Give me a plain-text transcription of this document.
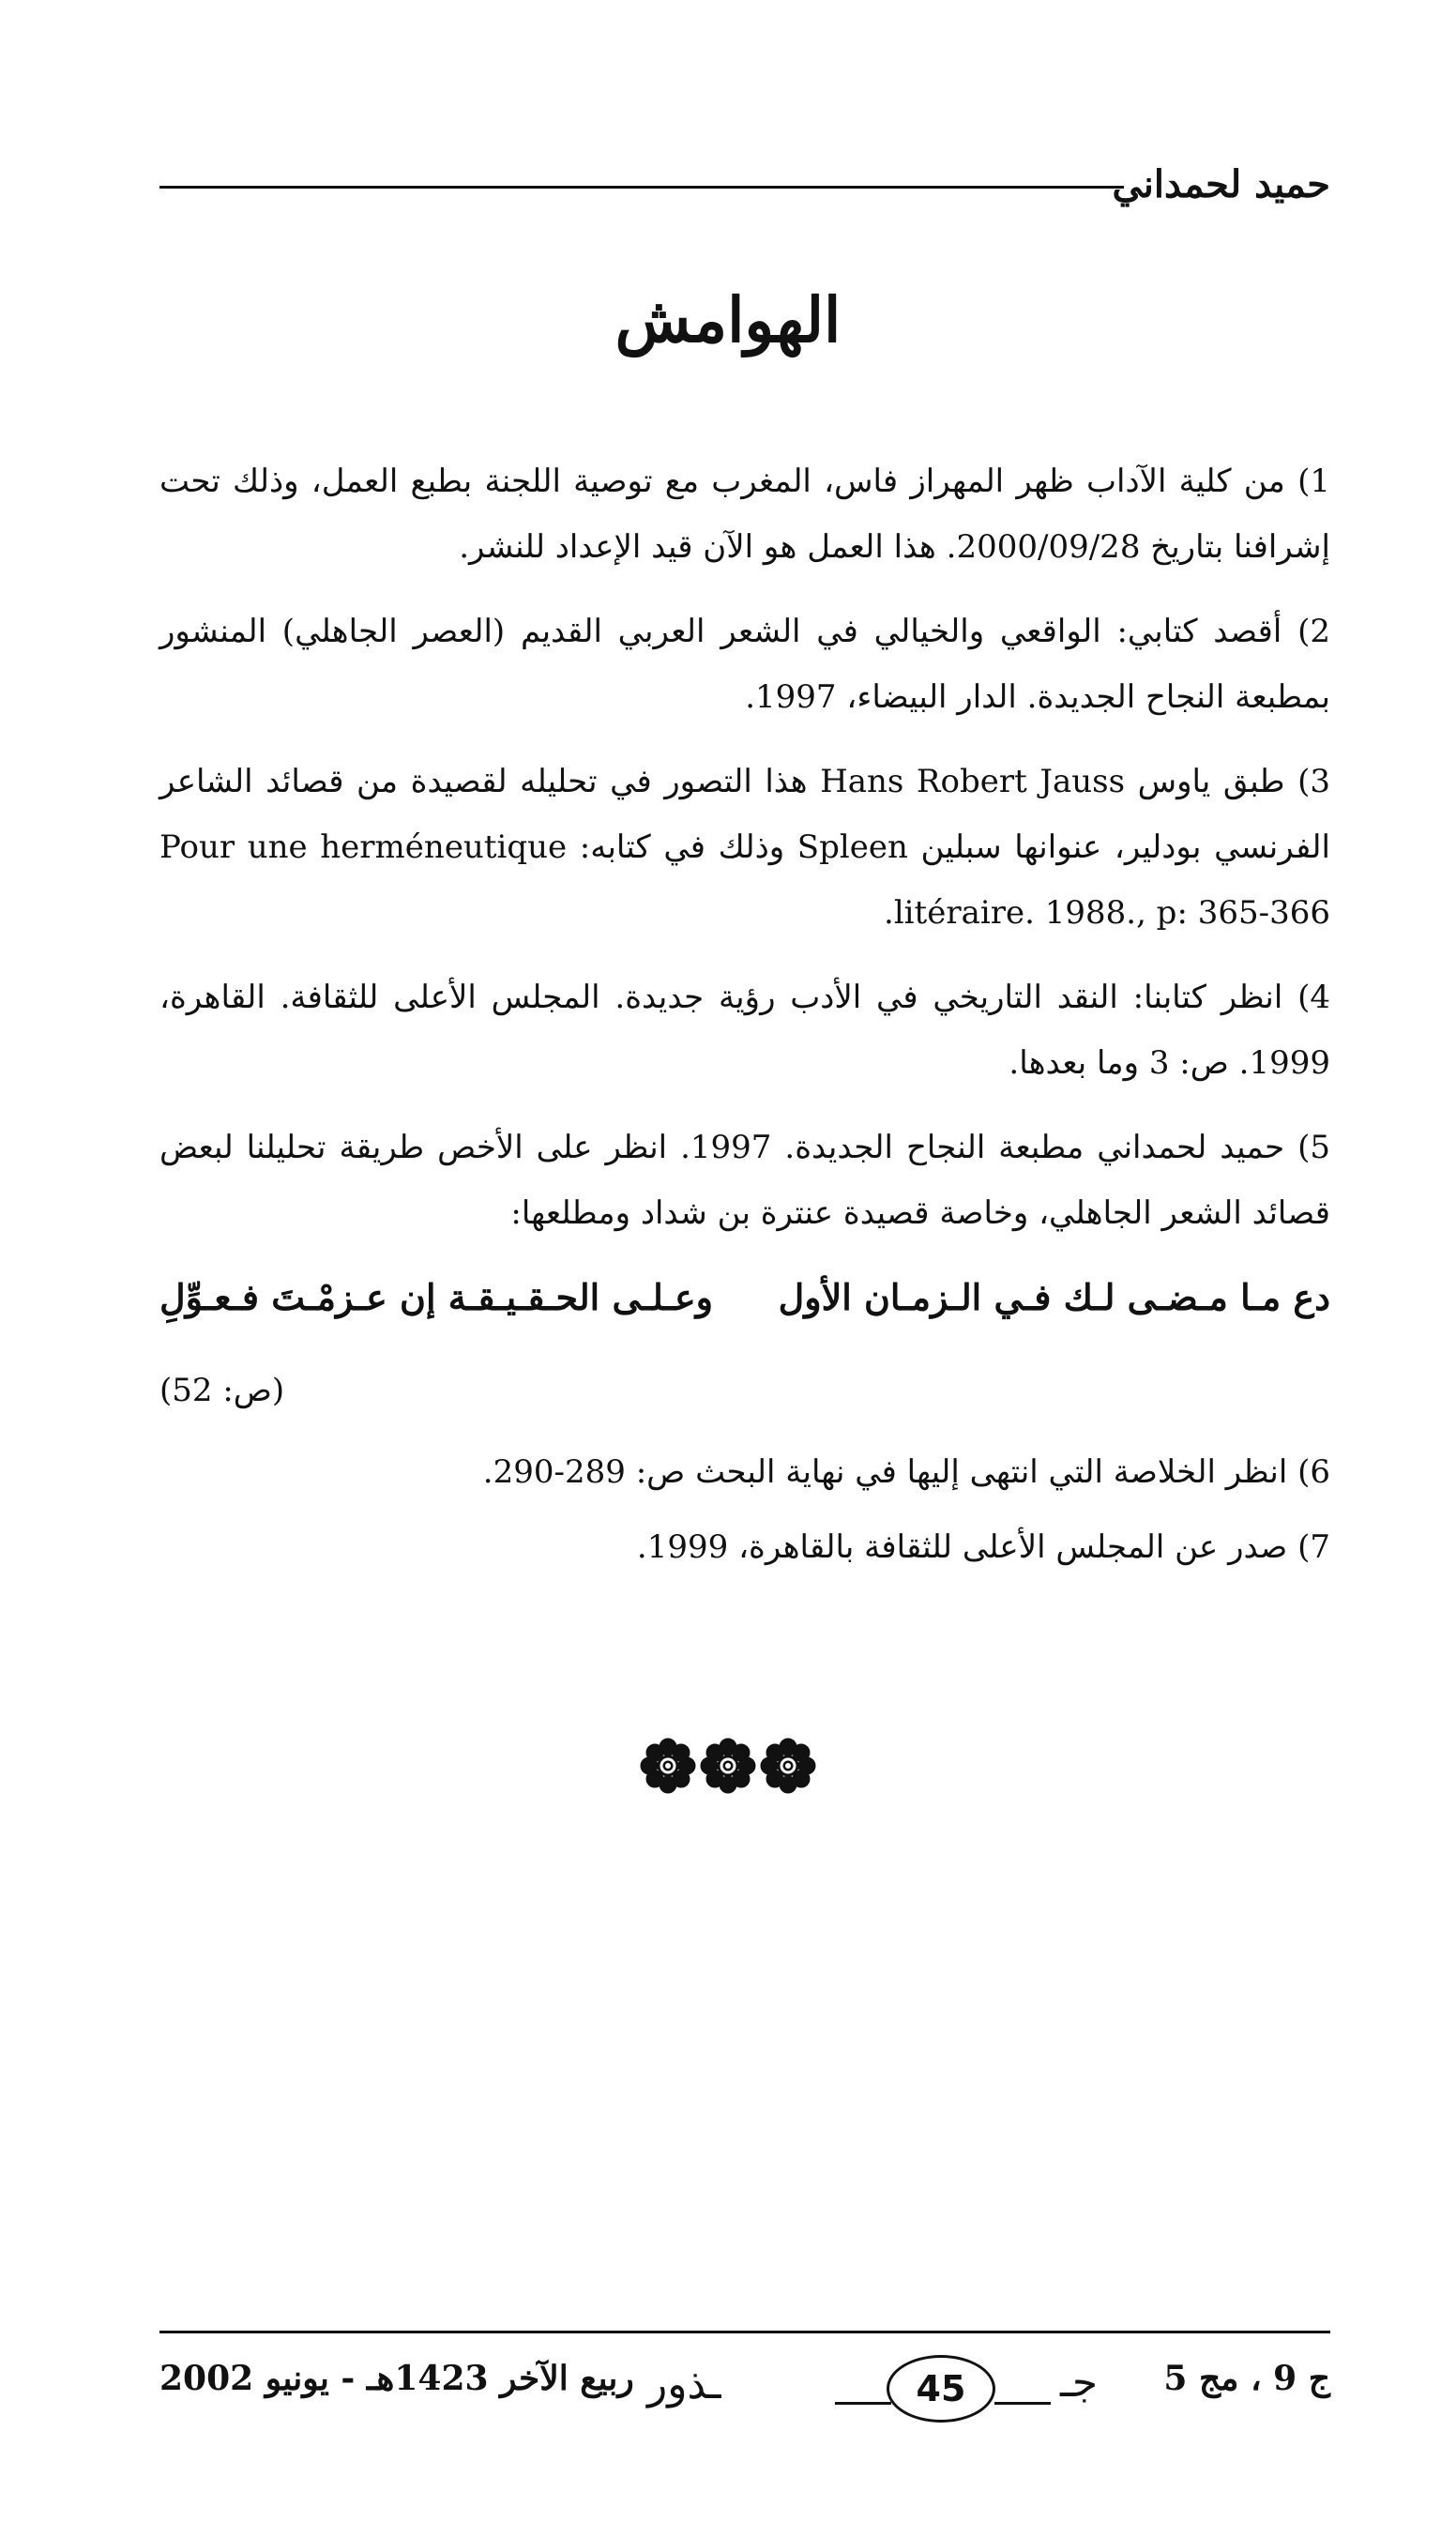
حميد لحمداني
الهوامش

1) من كلية الآداب ظهر المهراز فاس، المغرب مع توصية اللجنة بطبع العمل، وذلك تحت إشرافنا بتاريخ 2000/09/28. هذا العمل هو الآن قيد الإعداد للنشر.

2) أقصد كتابي: الواقعي والخيالي في الشعر العربي القديم (العصر الجاهلي) المنشور بمطبعة النجاح الجديدة. الدار البيضاء، 1997.

3) طبق ياوس Hans Robert Jauss هذا التصور في تحليله لقصيدة من قصائد الشاعر الفرنسي بودلير، عنوانها سبلين Spleen وذلك في كتابه: Pour une herméneutique litéraire. 1988., p: 365-366.

4) انظر كتابنا: النقد التاريخي في الأدب رؤية جديدة. المجلس الأعلى للثقافة. القاهرة، 1999. ص: 3 وما بعدها.

5) حميد لحمداني مطبعة النجاح الجديدة. 1997. انظر على الأخص طريقة تحليلنا لبعض قصائد الشعر الجاهلي، وخاصة قصيدة عنترة بن شداد ومطلعها:

دع مـا مـضـى لـك فـي الـزمـان الأول
وعـلـى الحـقـيـقـة إن عـزمْـتَ فـعـوِّلِ
(ص: 52)

6) انظر الخلاصة التي انتهى إليها في نهاية البحث ص: 289-290.

7) صدر عن المجلس الأعلى للثقافة بالقاهرة، 1999.

ج 9 ، مج 5
ـذور	45	جـ
ربيع الآخر 1423هـ - يونيو 2002
